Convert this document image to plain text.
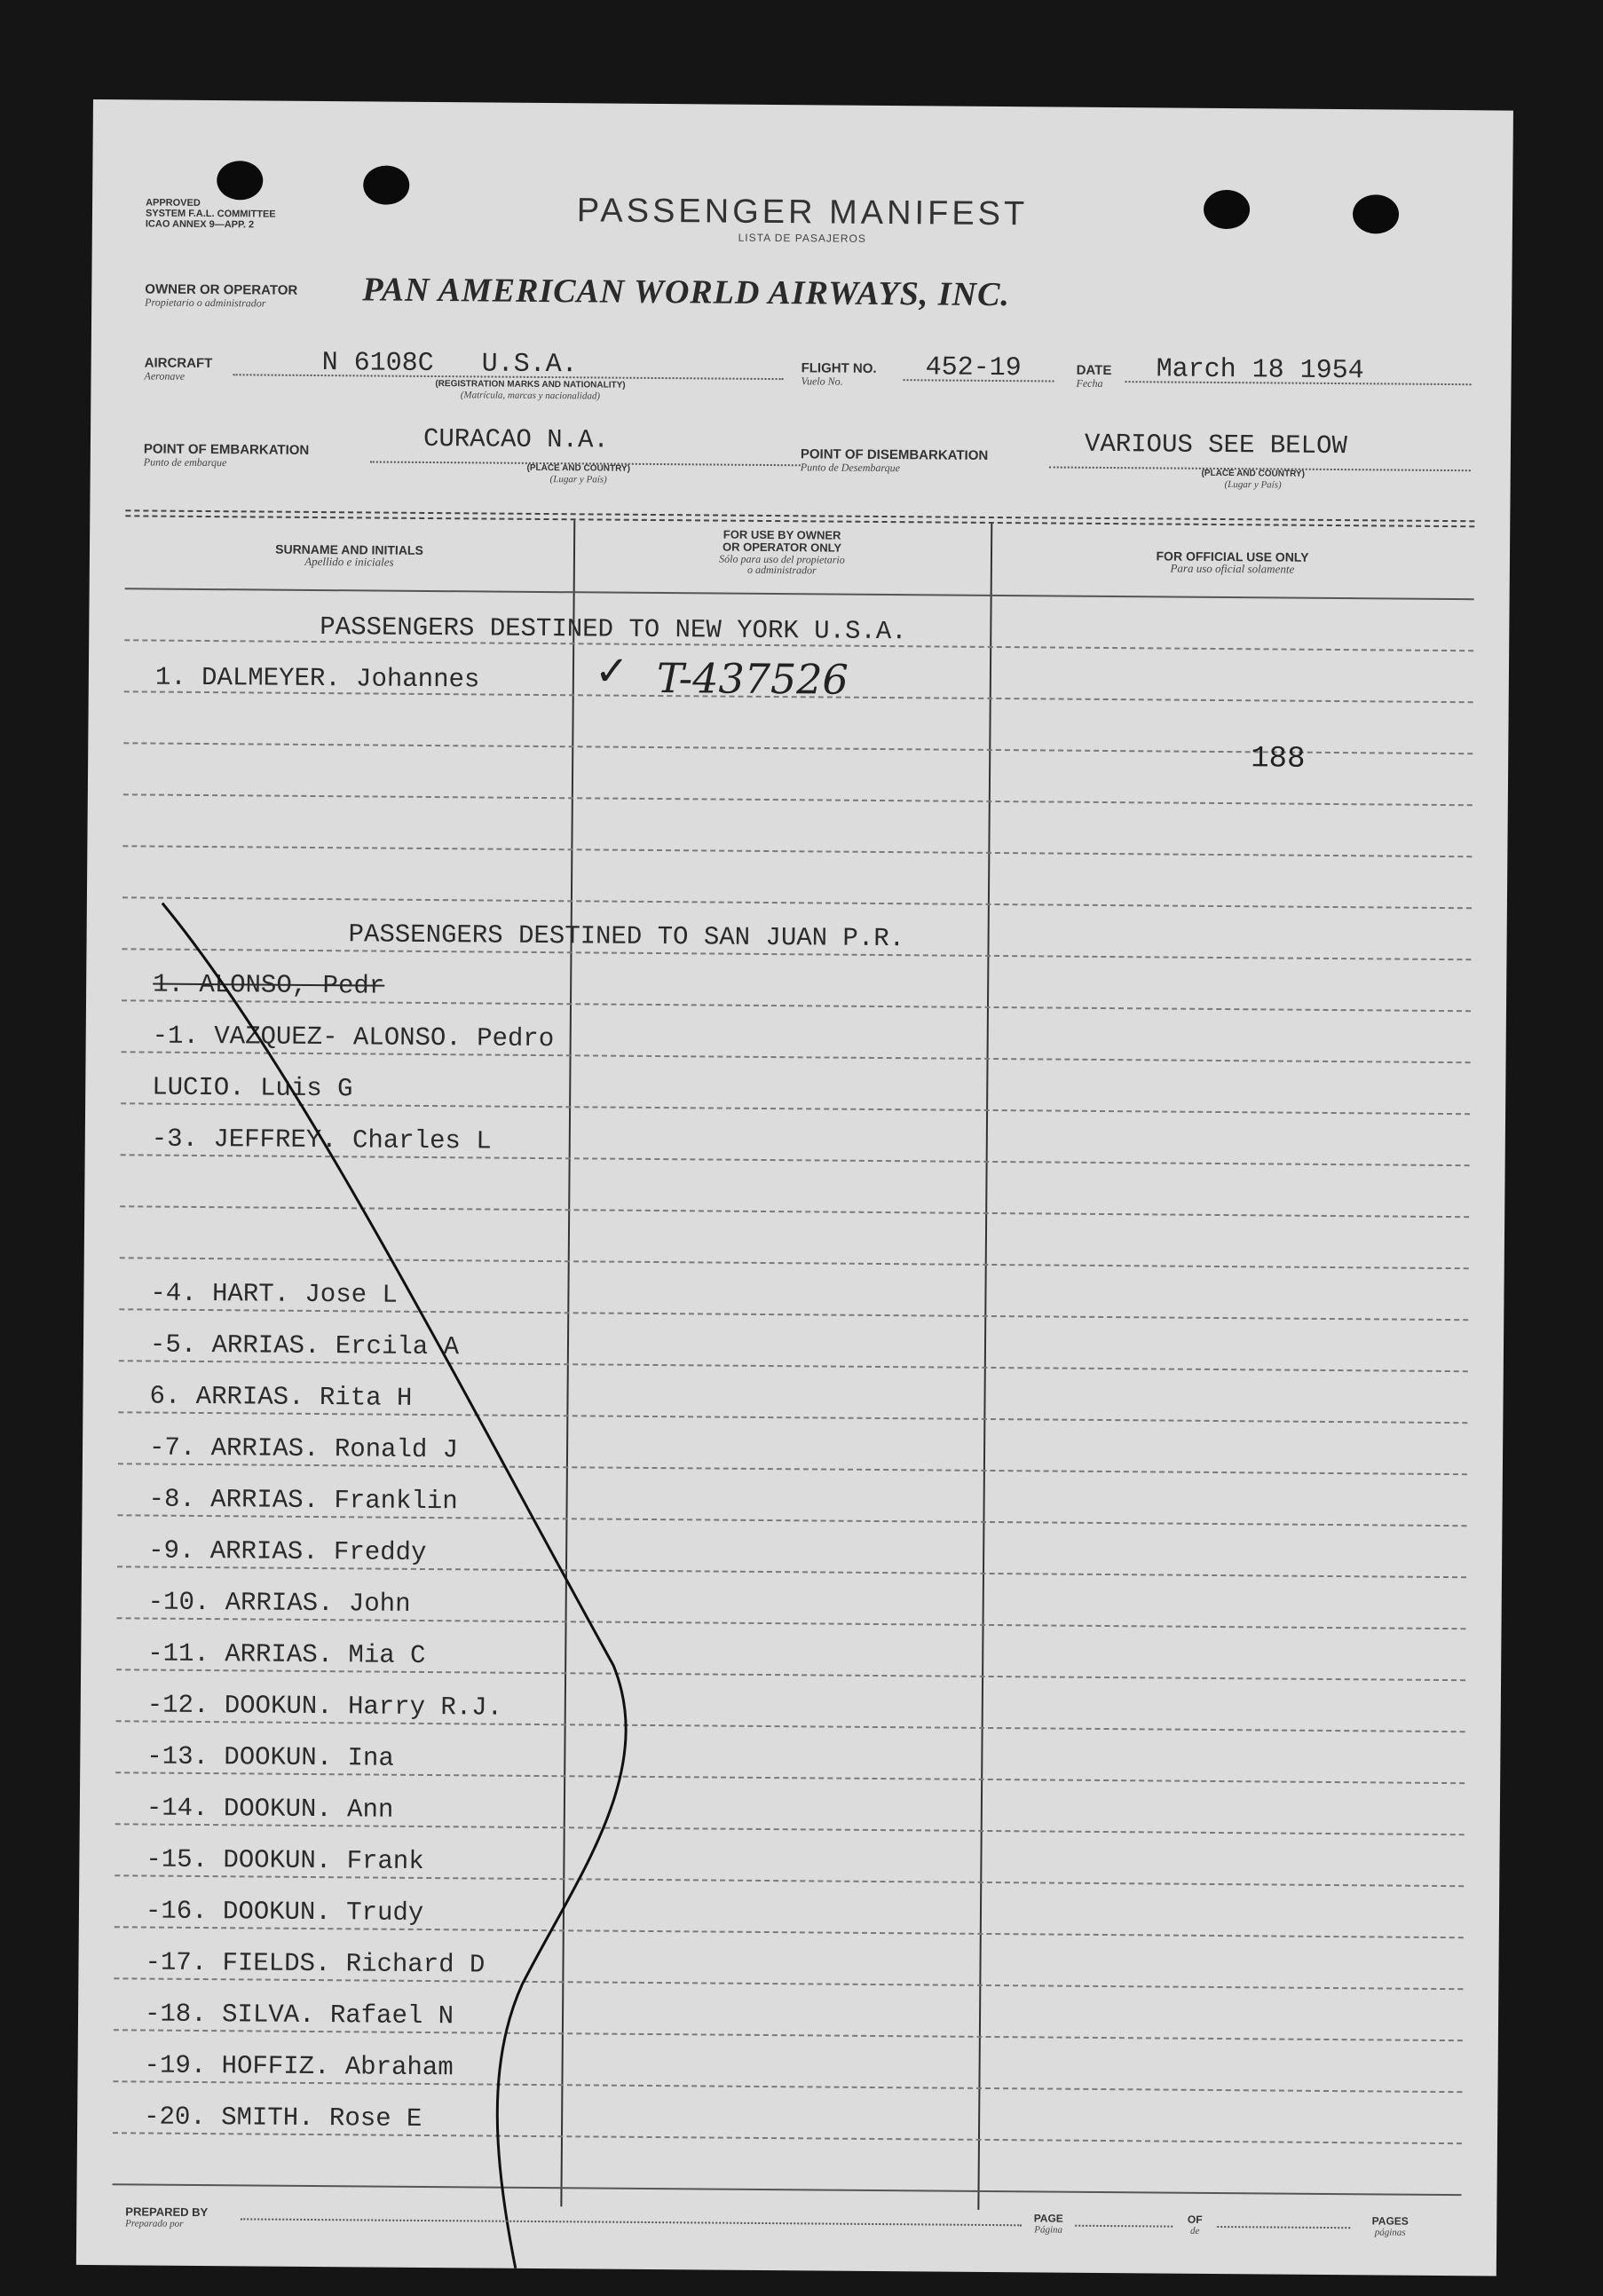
APPROVED
SYSTEM F.A.L. COMMITTEE
ICAO ANNEX 9—APP. 2	PASSENGER MANIFEST
LISTA DE PASAJEROS
OWNER OR OPERATOR
Propietario o administrador	PAN AMERICAN WORLD AIRWAYS, INC.
AIRCRAFT
Aeronave	N 6108C   U.S.A.
(REGISTRATION MARKS AND NATIONALITY)
(Matrícula, marcas y nacionalidad)
FLIGHT NO.
Vuelo No.	452-19	DATE
Fecha	March 18 1954
POINT OF EMBARKATION
Punto de embarque
CURACAO N.A.
(PLACE AND COUNTRY)
(Lugar y País)
POINT OF DISEMBARKATION
Punto de Desembarque
VARIOUS SEE BELOW
(PLACE AND COUNTRY)
(Lugar y País)
SURNAME AND INITIALS
Apellido e iniciales
FOR USE BY OWNER
OR OPERATOR ONLY
Sólo para uso del propietario
o administrador
FOR OFFICIAL USE ONLY
Para uso oficial solamente
PASSENGERS DESTINED TO NEW YORK U.S.A.
1. DALMEYER. Johannes	✓ T-437526
188
PASSENGERS DESTINED TO SAN JUAN P.R.
1. ALONSO, Pedr
-1. VAZQUEZ- ALONSO. Pedro
LUCIO. Luis G
-3. JEFFREY. Charles L
-4. HART. Jose L
-5. ARRIAS. Ercila A
6. ARRIAS. Rita H
-7. ARRIAS. Ronald J
-8. ARRIAS. Franklin
-9. ARRIAS. Freddy
-10. ARRIAS. John
-11. ARRIAS. Mia C
-12. DOOKUN. Harry R.J.
-13. DOOKUN. Ina
-14. DOOKUN. Ann
-15. DOOKUN. Frank
-16. DOOKUN. Trudy
-17. FIELDS. Richard D
-18. SILVA. Rafael N
-19. HOFFIZ. Abraham
-20. SMITH. Rose E
PREPARED BY
Preparado por	PAGE
Página
OF
de
PAGES
páginas
